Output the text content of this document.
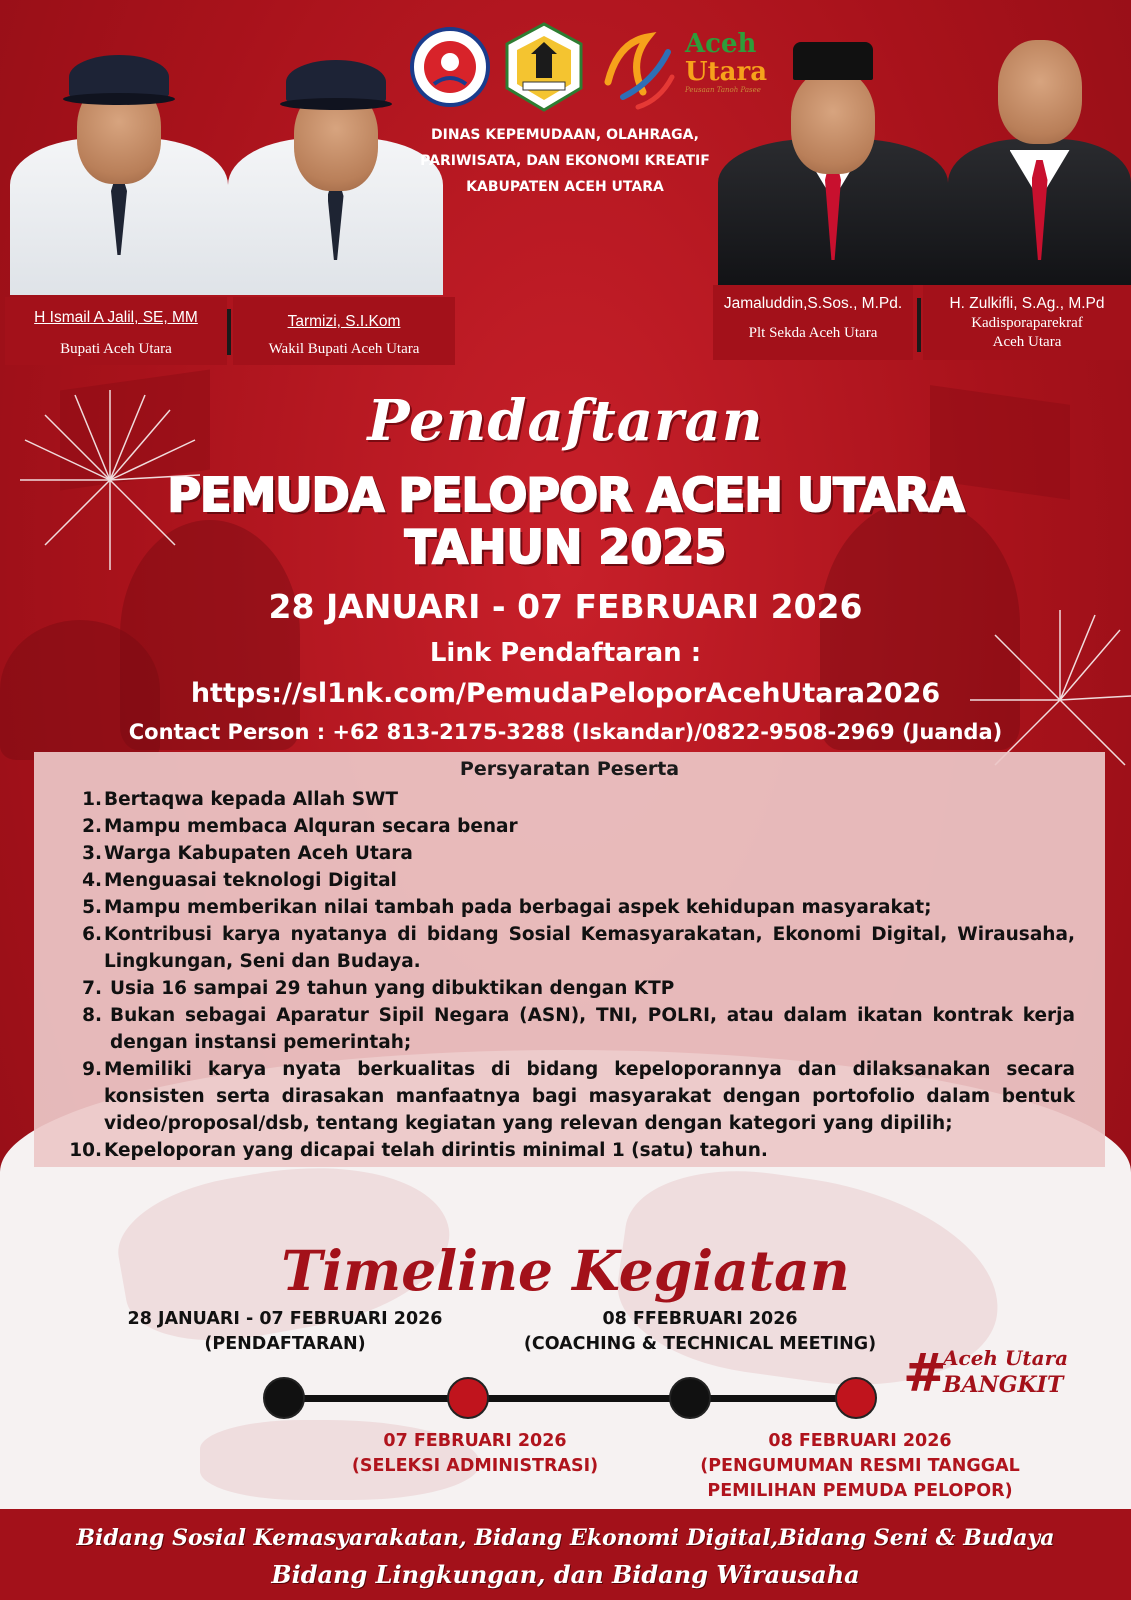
H Ismail A Jalil, SE, MM
Bupati Aceh Utara
Tarmizi, S.I.Kom
Wakil Bupati Aceh Utara
Jamaluddin,S.Sos., M.Pd.
Plt Sekda Aceh Utara
H. Zulkifli, S.Ag., M.Pd
Kadisporaparekraf
Aceh Utara
Aceh
Utara
Peusaan Tanoh Pasee
DINAS KEPEMUDAAN, OLAHRAGA,
PARIWISATA, DAN EKONOMI KREATIF
KABUPATEN ACEH UTARA
Pendaftaran
PEMUDA PELOPOR ACEH UTARA
TAHUN 2025
28 JANUARI - 07 FEBRUARI 2026
Link Pendaftaran :
https://sl1nk.com/PemudaPeloporAcehUtara2026
Contact Person : +62 813-2175-3288 (Iskandar)/0822-9508-2969 (Juanda)
Persyaratan Peserta
1. Bertaqwa kepada Allah SWT
2. Mampu membaca Alquran secara benar
3. Warga Kabupaten Aceh Utara
4. Menguasai teknologi Digital
5. Mampu memberikan nilai tambah pada berbagai aspek kehidupan masyarakat;
6. Kontribusi karya nyatanya di bidang Sosial Kemasyarakatan, Ekonomi Digital, Wirausaha, Lingkungan, Seni dan Budaya.
7. Usia 16 sampai 29 tahun yang dibuktikan dengan KTP
8. Bukan sebagai Aparatur Sipil Negara (ASN), TNI, POLRI, atau dalam ikatan kontrak kerja dengan instansi pemerintah;
9. Memiliki karya nyata berkualitas di bidang kepeloporannya dan dilaksanakan secara konsisten serta dirasakan manfaatnya bagi masyarakat dengan portofolio dalam bentuk video/proposal/dsb, tentang kegiatan yang relevan dengan kategori yang dipilih;
10. Kepeloporan yang dicapai telah dirintis minimal 1 (satu) tahun.
Timeline Kegiatan
28 JANUARI - 07 FEBRUARI 2026
(PENDAFTARAN)
08 FFEBRUARI 2026
(COACHING & TECHNICAL MEETING)
07 FEBRUARI 2026
(SELEKSI ADMINISTRASI)
08 FEBRUARI 2026
(PENGUMUMAN RESMI TANGGAL
PEMILIHAN PEMUDA PELOPOR)
#
Aceh Utara
BANGKIT
Bidang Sosial Kemasyarakatan, Bidang Ekonomi Digital,Bidang Seni & Budaya
Bidang Lingkungan, dan Bidang Wirausaha
